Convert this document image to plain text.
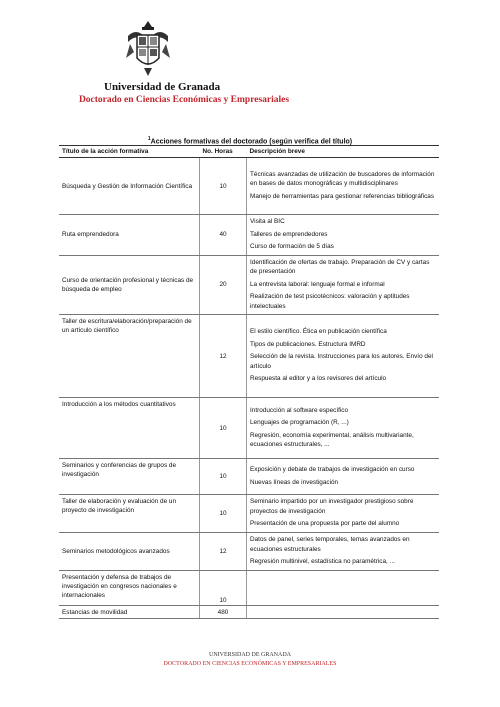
Universidad de Granada
Doctorado en Ciencias Económicas y Empresariales
$^1$Acciones formativas del doctorado (según verifica del título)
Título de la acción formativa	No. Horas	Descripción breve
Búsqueda y Gestión de Información Científica	10	Técnicas avanzadas de utilización de buscadores de información en bases de datos monográficas y multidisciplinares

Manejo de herramientas para gestionar referencias bibliográficas

Ruta emprendedora	40	Visita al BIC

Talleres de emprendedores

Curso de formación de 5 días

Curso de orientación profesional y técnicas de búsqueda de empleo	20	Identificación de ofertas de trabajo. Preparación de CV y cartas de presentación

La entrevista laboral: lenguaje formal e informal

Realización de test psicotécnicos: valoración y aptitudes intelectuales

Taller de escritura/elaboración/preparación de un artículo científico	12	El estilo científico. Ética en publicación científica

Tipos de publicaciones. Estructura IMRD

Selección de la revista. Instrucciones para los autores. Envío del artículo

Respuesta al editor y a los revisores del artículo

Introducción a los métodos cuantitativos	10	Introducción al software específico

Lenguajes de programación (R, ...)

Regresión, economía experimental, análisis multivariante, ecuaciones estructurales, ...

Seminarios y conferencias de grupos de investigación	10	Exposición y debate de trabajos de investigación en curso

Nuevas líneas de investigación

Taller de elaboración y evaluación de un proyecto de investigación	10	Seminario impartido por un investigador prestigioso sobre proyectos de investigación

Presentación de una propuesta por parte del alumno

Seminarios metodológicos avanzados	12	Datos de panel, series temporales, temas avanzados en ecuaciones estructurales

Regresión multinivel, estadística no paramétrica, ...

Presentación y defensa de trabajos de investigación en congresos nacionales e internacionales	10	
Estancias de movilidad	480	
UNIVERSIDAD DE GRANADA
DOCTORADO EN CIENCIAS ECONÓMICAS Y EMPRESARIALES
